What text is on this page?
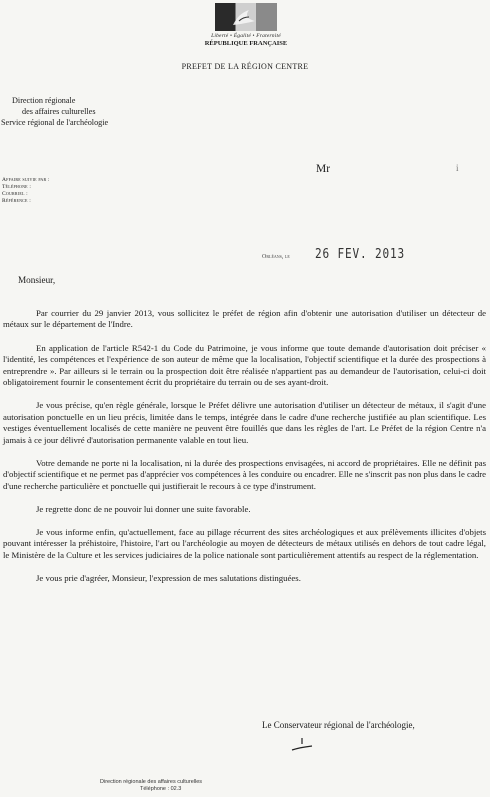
Liberté • Égalité • Fraternité
RÉPUBLIQUE FRANÇAISE
PREFET DE LA RÉGION CENTRE
Direction régionale
des affaires culturelles
Service régional de l'archéologie
Affaire suivie par :
Téléphone :
Courriel :
Référence :
Mr	i
Orléans, le 26 FEV. 2013
Monsieur,

Par courrier du 29 janvier 2013, vous sollicitez le préfet de région afin d'obtenir une autorisation d'utiliser un détecteur de métaux sur le département de l'Indre.

En application de l'article R542-1 du Code du Patrimoine, je vous informe que toute demande d'autorisation doit préciser « l'identité, les compétences et l'expérience de son auteur de même que la localisation, l'objectif scientifique et la durée des prospections à entreprendre ». Par ailleurs si le terrain ou la prospection doit être réalisée n'appartient pas au demandeur de l'autorisation, celui-ci doit obligatoirement fournir le consentement écrit du propriétaire du terrain ou de ses ayant-droit.

Je vous précise, qu'en règle générale, lorsque le Préfet délivre une autorisation d'utiliser un détecteur de métaux, il s'agit d'une autorisation ponctuelle en un lieu précis, limitée dans le temps, intégrée dans le cadre d'une recherche justifiée au plan scientifique. Les vestiges éventuellement localisés de cette manière ne peuvent être fouillés que dans les règles de l'art. Le Préfet de la région Centre n'a jamais à ce jour délivré d'autorisation permanente valable en tout lieu.

Votre demande ne porte ni la localisation, ni la durée des prospections envisagées, ni accord de propriétaires. Elle ne définit pas d'objectif scientifique et ne permet pas d'apprécier vos compétences à les conduire ou encadrer. Elle ne s'inscrit pas non plus dans le cadre d'une recherche particulière et ponctuelle qui justifierait le recours à ce type d'instrument.

Je regrette donc de ne pouvoir lui donner une suite favorable.

Je vous informe enfin, qu'actuellement, face au pillage récurrent des sites archéologiques et aux prélèvements illicites d'objets pouvant intéresser la préhistoire, l'histoire, l'art ou l'archéologie au moyen de détecteurs de métaux utilisés en dehors de tout cadre légal, le Ministère de la Culture et les services judiciaires de la police nationale sont particulièrement attentifs au respect de la réglementation.

Je vous prie d'agréer, Monsieur, l'expression de mes salutations distinguées.

Le Conservateur régional de l'archéologie,
Direction régionale des affaires culturelles
Téléphone : 02.3
